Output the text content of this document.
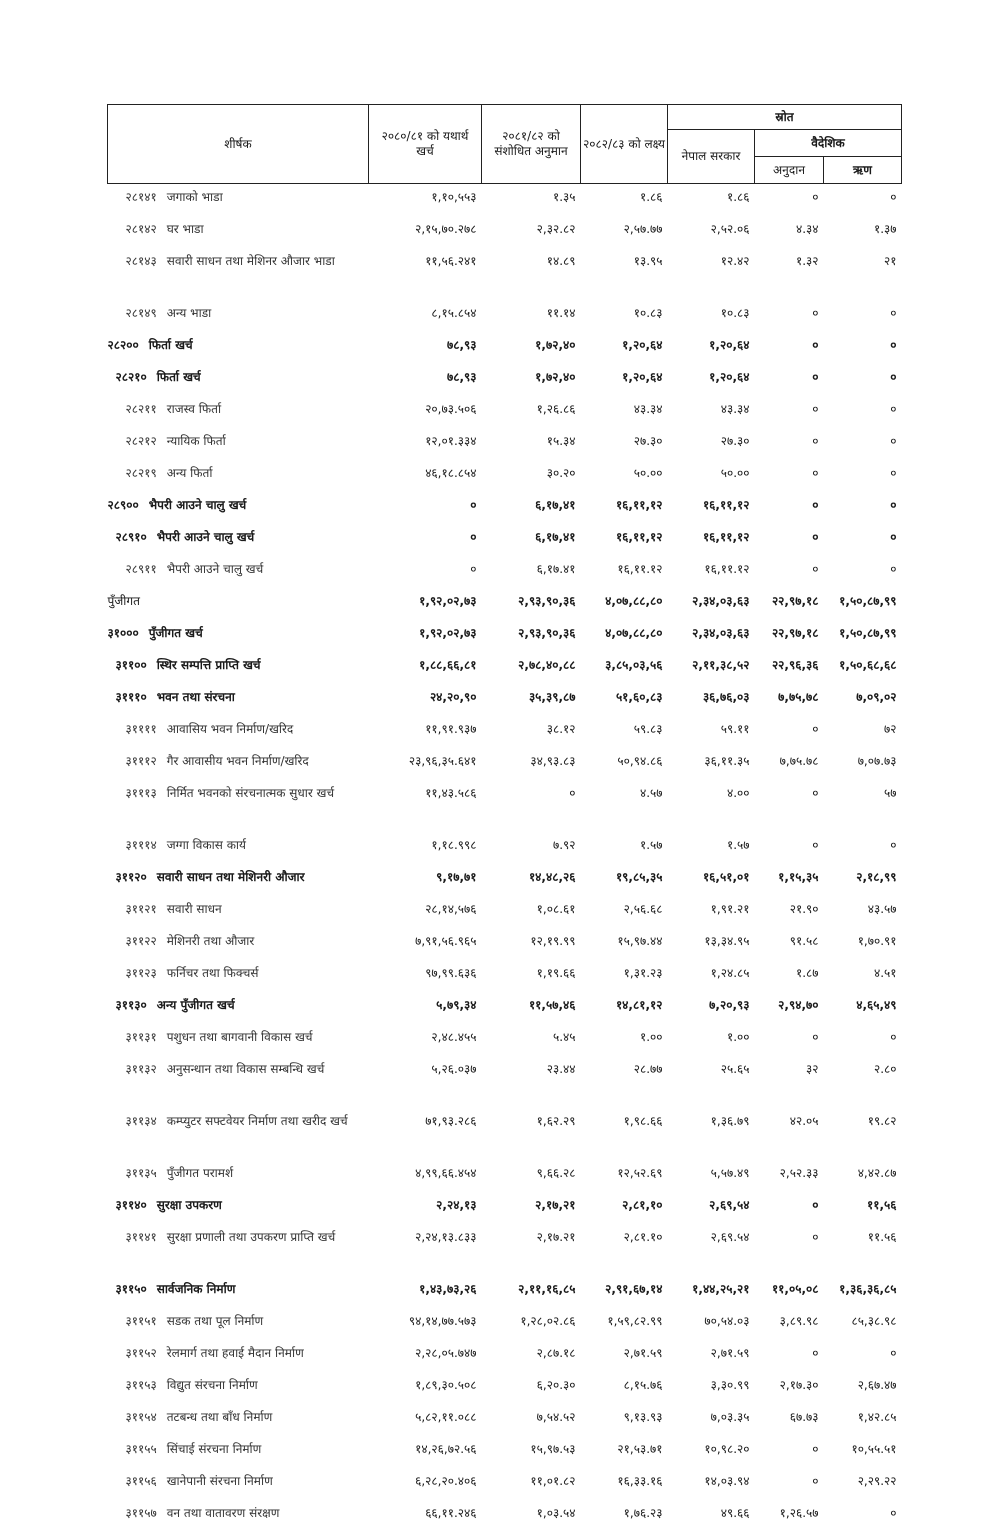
शीर्षक	२०८०/८१ को यथार्थ खर्च	२०८१/८२ को संशोधित अनुमान	२०८२/८३ को लक्ष्य	स्रोत		
				नेपाल सरकार	वैदेशिक	
					अनुदान	ऋण
२८१४१ जगाको भाडा	१,१०,५५३	१.३५	१.८६	१.८६	०	०
२८१४२ घर भाडा	२,१५,७०.२७८	२,३२.८२	२,५७.७७	२,५२.०६	४.३४	१.३७
२८१४३ सवारी साधन तथा मेशिनर औजार भाडा	११,५६.२४१	१४.८९	१३.९५	१२.४२	१.३२	२१
२८१४९ अन्य भाडा	८,१५.८५४	११.१४	१०.८३	१०.८३	०	०
२८२०० फिर्ता खर्च	७८,९३	१,७२,४०	१,२०,६४	१,२०,६४	०	०
२८२१० फिर्ता खर्च	७८,९३	१,७२,४०	१,२०,६४	१,२०,६४	०	०
२८२११ राजस्व फिर्ता	२०,७३.५०६	१,२६.८६	४३.३४	४३.३४	०	०
२८२१२ न्यायिक फिर्ता	१२,०१.३३४	१५.३४	२७.३०	२७.३०	०	०
२८२१९ अन्य फिर्ता	४६,१८.८५४	३०.२०	५०.००	५०.००	०	०
२८९०० भैपरी आउने चालु खर्च	०	६,१७,४१	१६,११,१२	१६,११,१२	०	०
२८९१० भैपरी आउने चालु खर्च	०	६,१७,४१	१६,११,१२	१६,११,१२	०	०
२८९११ भैपरी आउने चालु खर्च	०	६,१७.४१	१६,११.१२	१६,११.१२	०	०
पुँजीगत	१,९२,०२,७३	२,९३,९०,३६	४,०७,८८,८०	२,३४,०३,६३	२२,९७,१८	१,५०,८७,९९
३१००० पुँजीगत खर्च	१,९२,०२,७३	२,९३,९०,३६	४,०७,८८,८०	२,३४,०३,६३	२२,९७,१८	१,५०,८७,९९
३११०० स्थिर सम्पत्ति प्राप्ति खर्च	१,८८,६६,८१	२,७८,४०,८८	३,८५,०३,५६	२,११,३८,५२	२२,९६,३६	१,५०,६८,६८
३१११० भवन तथा संरचना	२४,२०,९०	३५,३९,८७	५१,६०,८३	३६,७६,०३	७,७५,७८	७,०९,०२
३११११ आवासिय भवन निर्माण/खरिद	११,९१.९३७	३८.१२	५९.८३	५९.११	०	७२
३१११२ गैर आवासीय भवन निर्माण/खरिद	२३,९६,३५.६४१	३४,९३.८३	५०,९४.८६	३६,११.३५	७,७५.७८	७,०७.७३
३१११३ निर्मित भवनको संरचनात्मक सुधार खर्च	११,४३.५८६	०	४.५७	४.००	०	५७
३१११४ जग्गा विकास कार्य	१,१८.९९८	७.९२	१.५७	१.५७	०	०
३११२० सवारी साधन तथा मेशिनरी औजार	९,१७,७१	१४,४८,२६	१९,८५,३५	१६,५१,०१	१,१५,३५	२,१८,९९
३११२१ सवारी साधन	२८,१४,५७६	१,०८.६१	२,५६.६८	१,९१.२१	२१.९०	४३.५७
३११२२ मेशिनरी तथा औजार	७,९१,५६.९६५	१२,१९.९९	१५,९७.४४	१३,३४.९५	९१.५८	१,७०.९१
३११२३ फर्निचर तथा फिक्चर्स	९७,९९.६३६	१,१९.६६	१,३१.२३	१,२४.८५	१.८७	४.५१
३११३० अन्य पुँजीगत खर्च	५,७९,३४	११,५७,४६	१४,८१,१२	७,२०,९३	२,९४,७०	४,६५,४९
३११३१ पशुधन तथा बागवानी विकास खर्च	२,४८.४५५	५.४५	१.००	१.००	०	०
३११३२ अनुसन्धान तथा विकास सम्बन्धि खर्च	५,२६.०३७	२३.४४	२८.७७	२५.६५	३२	२.८०
३११३४ कम्प्युटर सफ्टवेयर निर्माण तथा खरीद खर्च	७१,९३.२८६	१,६२.२९	१,९८.६६	१,३६.७९	४२.०५	१९.८२
३११३५ पुँजीगत परामर्श	४,९९,६६.४५४	९,६६.२८	१२,५२.६९	५,५७.४९	२,५२.३३	४,४२.८७
३११४० सुरक्षा उपकरण	२,२४,१३	२,१७,२१	२,८१,१०	२,६९,५४	०	११,५६
३११४१ सुरक्षा प्रणाली तथा उपकरण प्राप्ति खर्च	२,२४,१३.८३३	२,१७.२१	२,८१.१०	२,६९.५४	०	११.५६
३११५० सार्वजनिक निर्माण	१,४३,७३,२६	२,११,१६,८५	२,९१,६७,१४	१,४४,२५,२१	११,०५,०८	१,३६,३६,८५
३११५१ सडक तथा पूल निर्माण	९४,१४,७७.५७३	१,२८,०२.८६	१,५९,८२.९९	७०,५४.०३	३,८९.९८	८५,३८.९८
३११५२ रेलमार्ग तथा हवाई मैदान निर्माण	२,२८,०५.७४७	२,८७.१८	२,७१.५९	२,७१.५९	०	०
३११५३ विद्युत संरचना निर्माण	१,८९,३०.५०८	६,२०.३०	८,१५.७६	३,३०.९९	२,१७.३०	२,६७.४७
३११५४ तटबन्ध तथा बाँध निर्माण	५,८२,११.०८८	७,५४.५२	९,१३.९३	७,०३.३५	६७.७३	१,४२.८५
३११५५ सिंचाई संरचना निर्माण	१४,२६,७२.५६	१५,९७.५३	२१,५३.७१	१०,९८.२०	०	१०,५५.५१
३११५६ खानेपानी संरचना निर्माण	६,२८,२०.४०६	११,०१.८२	१६,३३.१६	१४,०३.९४	०	२,२९.२२
३११५७ वन तथा वातावरण संरक्षण	६६,११.२४६	१,०३.५४	१,७६.२३	४९.६६	१,२६.५७	०
